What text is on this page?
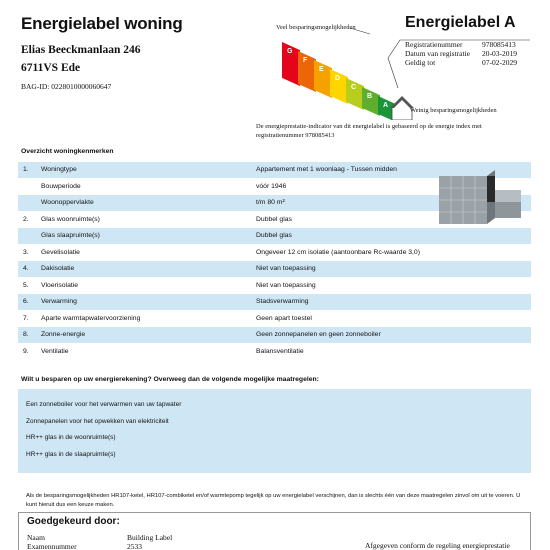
Energielabel woning
Elias Beeckmanlaan 246
6711VS Ede
BAG-ID: 0228010000060647
Veel besparingsmogelijkheden
G
F
E
D
C
B
A
Weinig besparingsmogelijkheden
Energielabel A
Registratienummer	978085413
Datum van registratie	20-03-2019
Geldig tot	07-02-2029
De energieprestatie-indicator van dit energielabel is gebaseerd op de energie index met registratienummer 978085413
Overzicht woningkenmerken
1.	Woningtype	Appartement met 1 woonlaag - Tussen midden
Bouwperiode	vóór 1946
Woonoppervlakte	t/m 80 m²
2.	Glas woonruimte(s)	Dubbel glas
Glas slaapruimte(s)	Dubbel glas
3.	Gevelisolatie	Ongeveer 12 cm isolatie (aantoonbare Rc-waarde 3,0)
4.	Dakisolatie	Niet van toepassing
5.	Vloerisolatie	Niet van toepassing
6.	Verwarming	Stadsverwarming
7.	Aparte warmtapwatervoorziening	Geen apart toestel
8.	Zonne-energie	Geen zonnepanelen en geen zonneboiler
9.	Ventilatie	Balansventilatie
Wilt u besparen op uw energierekening? Overweeg dan de volgende mogelijke maatregelen:
Een zonneboiler voor het verwarmen van uw tapwater
Zonnepanelen voor het opwekken van elektriciteit
HR++ glas in de woonruimte(s)
HR++ glas in de slaapruimte(s)
Als de besparingsmogelijkheden HR107-ketel, HR107-combiketel en/of warmtepomp tegelijk op uw energielabel verschijnen, dan is slechts één van deze maatregelen zinvol om uit te voeren. U kunt hieruit dus een keuze maken.
Goedgekeurd door:
Naam	Building Label
Examennummer	2533	Afgegeven conform de regeling energieprestatie
